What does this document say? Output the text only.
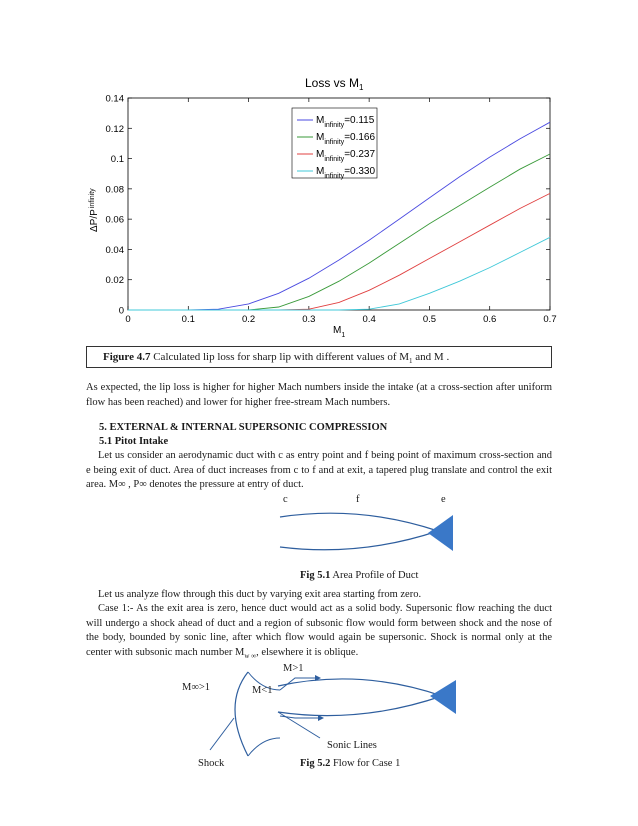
Loss vs $M_1$
0
0.02
0.04
0.06
0.08
0.1
0.12
0.14
0	0.1	0.2	0.3	0.4	0.5	0.6	0.7
$\Delta P/P^{infinity}$
$M_1$
$M_{infinity}=0.115$
$M_{infinity}=0.166$
$M_{infinity}=0.237$
$M_{infinity}=0.330$
Figure 4.7 Calculated lip loss for sharp lip with different values of $M_1$ and M .
As expected, the lip loss is higher for higher Mach numbers inside the intake (at a cross-section after uniform flow has been reached) and lower for higher free-stream Mach numbers.
5. EXTERNAL & INTERNAL SUPERSONIC COMPRESSION
5.1 Pitot Intake
Let us consider an aerodynamic duct with c as entry point and f being point of maximum cross-section and e being exit of duct. Area of duct increases from c to f and at exit, a tapered plug translate and control the exit area. M∞ , P∞ denotes the pressure at entry of duct.
c	f	e
Fig 5.1 Area Profile of Duct
Let us analyze flow through this duct by varying exit area starting from zero.
Case 1:- As the exit area is zero, hence duct would act as a solid body. Supersonic flow reaching the duct will undergo a shock ahead of duct and a region of subsonic flow would form between shock and the nose of the body, bounded by sonic line, after which flow would again be supersonic. Shock is normal only at the center with subsonic mach number $M_{w \infty}$, elsewhere it is oblique.
M∞>1	M<1
M>1
Sonic Lines
Shock	Fig 5.2 Flow for Case 1
